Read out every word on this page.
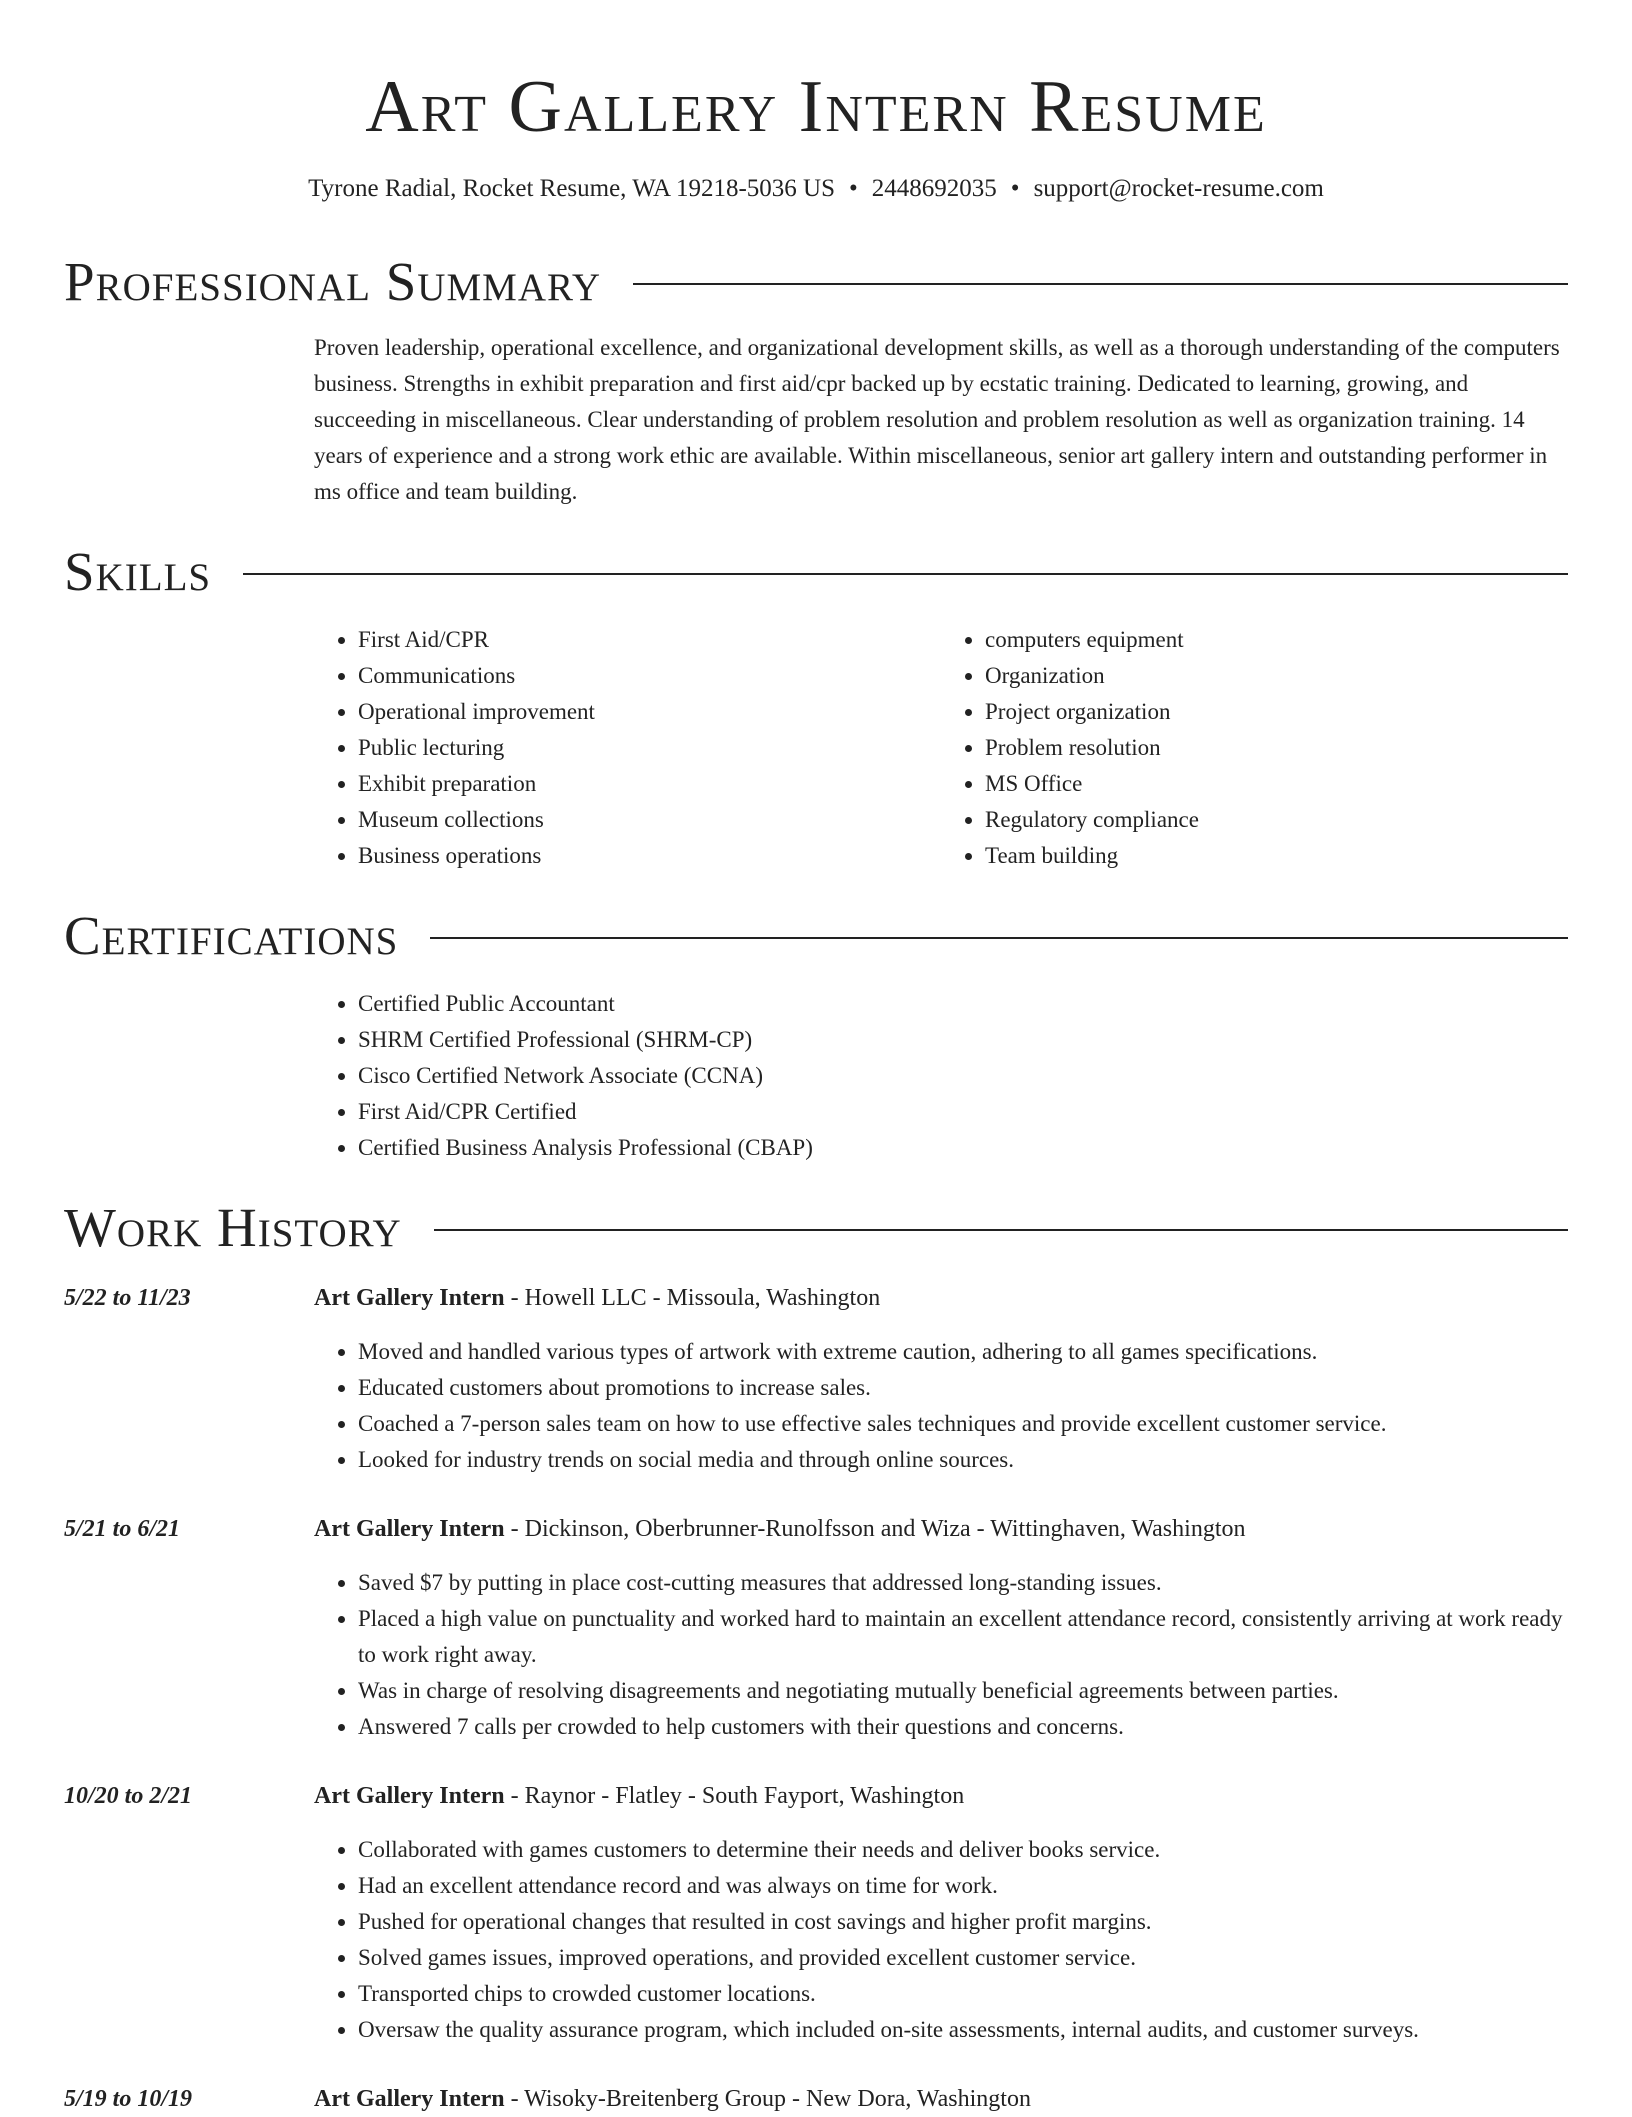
Art Gallery Intern Resume
Tyrone Radial, Rocket Resume, WA 19218-5036 US • 2448692035 • support@rocket-resume.com
Professional Summary

Proven leadership, operational excellence, and organizational development skills, as well as a thorough understanding of the computers business. Strengths in exhibit preparation and first aid/cpr backed up by ecstatic training. Dedicated to learning, growing, and succeeding in miscellaneous. Clear understanding of problem resolution and problem resolution as well as organization training. 14 years of experience and a strong work ethic are available. Within miscellaneous, senior art gallery intern and outstanding performer in ms office and team building.

Skills
• First Aid/CPR
• Communications
• Operational improvement
• Public lecturing
• Exhibit preparation
• Museum collections
• Business operations
• computers equipment
• Organization
• Project organization
• Problem resolution
• MS Office
• Regulatory compliance
• Team building
Certifications
• Certified Public Accountant
• SHRM Certified Professional (SHRM-CP)
• Cisco Certified Network Associate (CCNA)
• First Aid/CPR Certified
• Certified Business Analysis Professional (CBAP)
Work History
5/22 to 11/23	Art Gallery Intern - Howell LLC - Missoula, Washington
• Moved and handled various types of artwork with extreme caution, adhering to all games specifications.
• Educated customers about promotions to increase sales.
• Coached a 7-person sales team on how to use effective sales techniques and provide excellent customer service.
• Looked for industry trends on social media and through online sources.
5/21 to 6/21	Art Gallery Intern - Dickinson, Oberbrunner-Runolfsson and Wiza - Wittinghaven, Washington
• Saved $7 by putting in place cost-cutting measures that addressed long-standing issues.
• Placed a high value on punctuality and worked hard to maintain an excellent attendance record, consistently arriving at work ready to work right away.
• Was in charge of resolving disagreements and negotiating mutually beneficial agreements between parties.
• Answered 7 calls per crowded to help customers with their questions and concerns.
10/20 to 2/21	Art Gallery Intern - Raynor - Flatley - South Fayport, Washington
• Collaborated with games customers to determine their needs and deliver books service.
• Had an excellent attendance record and was always on time for work.
• Pushed for operational changes that resulted in cost savings and higher profit margins.
• Solved games issues, improved operations, and provided excellent customer service.
• Transported chips to crowded customer locations.
• Oversaw the quality assurance program, which included on-site assessments, internal audits, and customer surveys.
5/19 to 10/19	Art Gallery Intern - Wisoky-Breitenberg Group - New Dora, Washington
